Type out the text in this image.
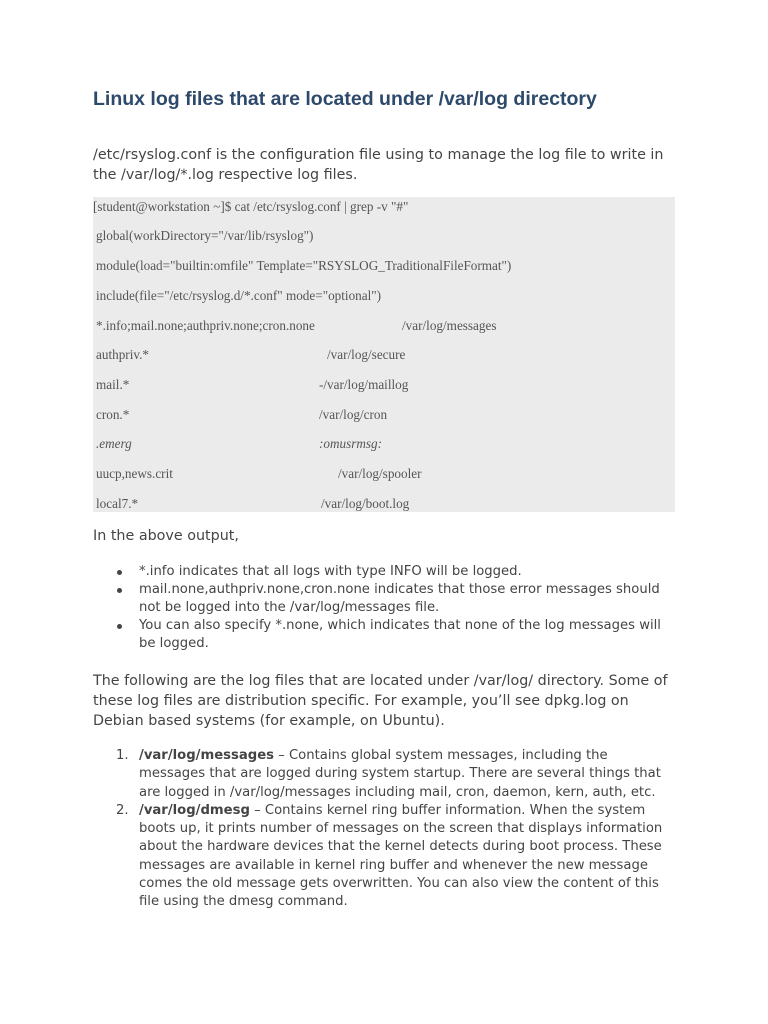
Linux log files that are located under /var/log directory
/etc/rsyslog.conf is the configuration file using to manage the log file to write in the /var/log/*.log respective log files.
[student@workstation ~]$ cat /etc/rsyslog.conf | grep -v "#"
global(workDirectory="/var/lib/rsyslog")
module(load="builtin:omfile" Template="RSYSLOG_TraditionalFileFormat")
include(file="/etc/rsyslog.d/*.conf" mode="optional")
*.info;mail.none;authpriv.none;cron.none	/var/log/messages
authpriv.*	/var/log/secure
mail.*	-/var/log/maillog
cron.*	/var/log/cron
.emerg	:omusrmsg:
uucp,news.crit	/var/log/spooler
local7.*	/var/log/boot.log
In the above output,
*.info indicates that all logs with type INFO will be logged.
mail.none,authpriv.none,cron.none indicates that those error messages should not be logged into the /var/log/messages file.
You can also specify *.none, which indicates that none of the log messages will be logged.
The following are the log files that are located under /var/log/ directory. Some of these log files are distribution specific. For example, you’ll see dpkg.log on Debian based systems (for example, on Ubuntu).
1. /var/log/messages – Contains global system messages, including the messages that are logged during system startup. There are several things that are logged in /var/log/messages including mail, cron, daemon, kern, auth, etc.
2. /var/log/dmesg – Contains kernel ring buffer information. When the system boots up, it prints number of messages on the screen that displays information about the hardware devices that the kernel detects during boot process. These messages are available in kernel ring buffer and whenever the new message comes the old message gets overwritten. You can also view the content of this file using the dmesg command.
